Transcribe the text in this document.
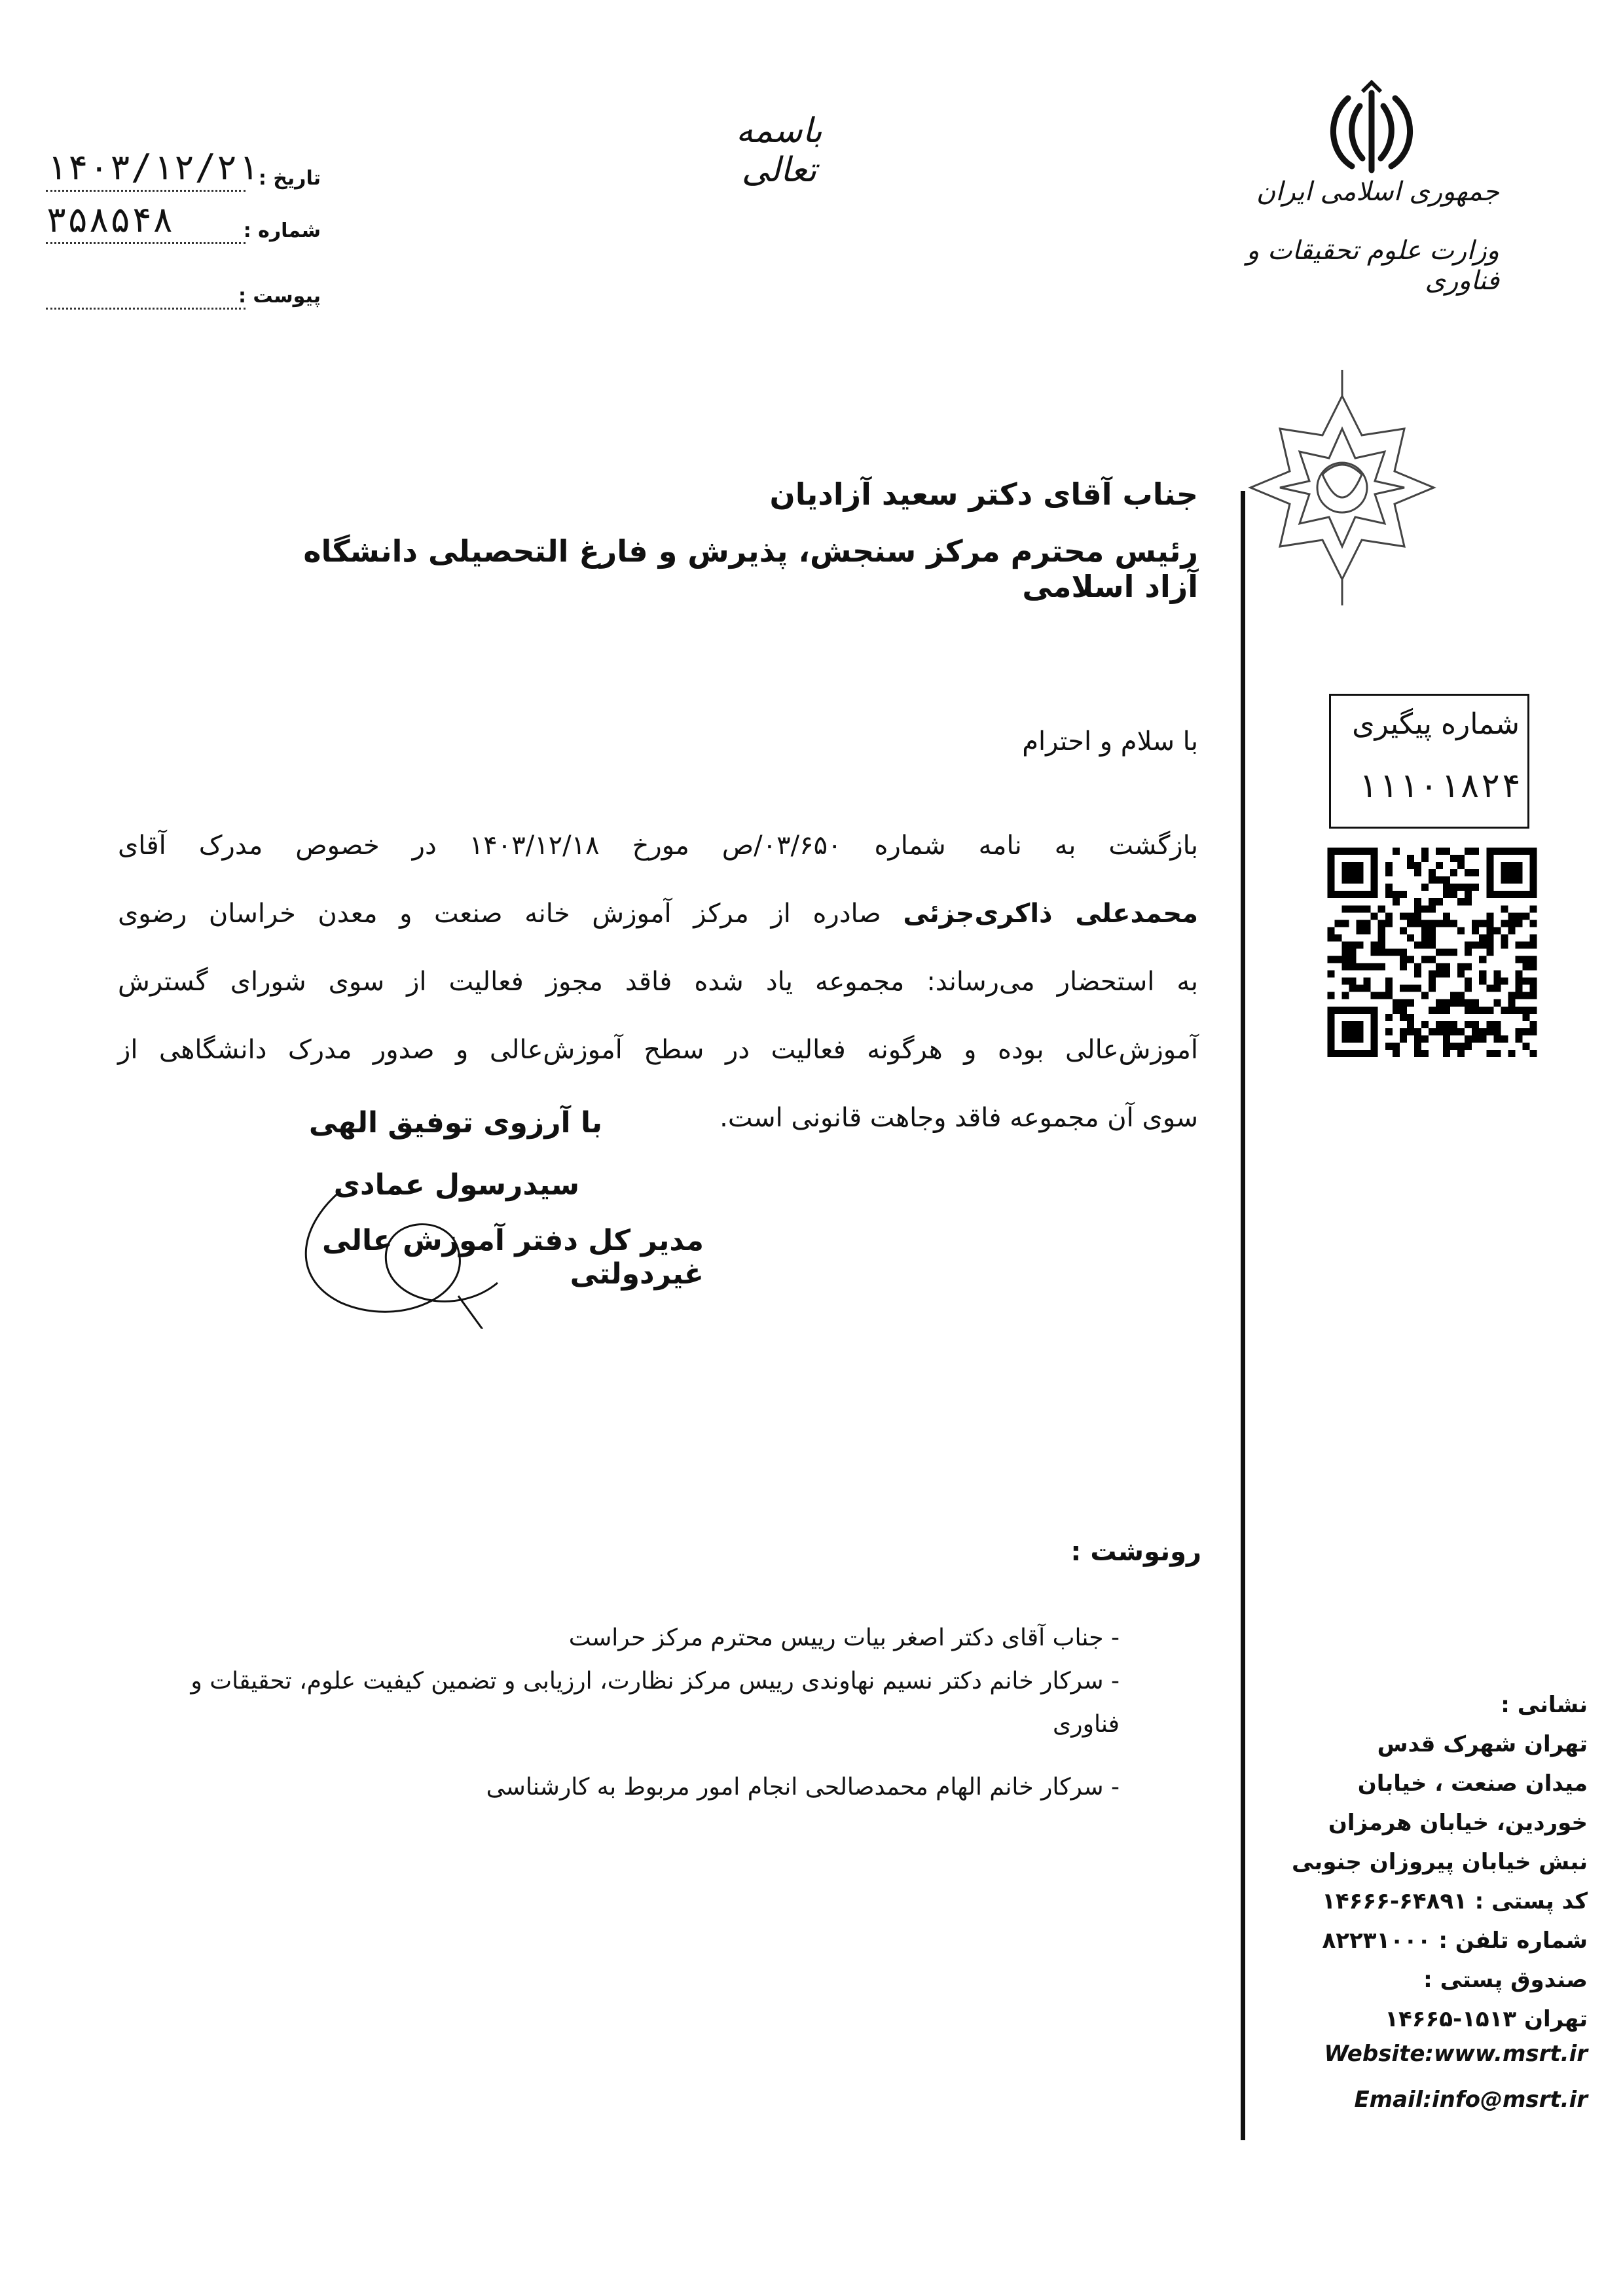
باسمه تعالی
جمهوری اسلامی ایران
وزارت علوم تحقیقات و فناوری
تاریخ :
۱۴۰۳/۱۲/۲۱
شماره :
۳۵۸۵۴۸
پیوست :
جناب آقای دکتر سعید آزادیان
رئیس محترم مرکز سنجش، پذیرش و فارغ التحصیلی دانشگاه آزاد اسلامی
شماره پیگیری
۱۱۱۰۱۸۲۴
با سلام و احترام
بازگشت به نامه شماره ۰۳/۶۵۰/ص مورخ ۱۴۰۳/۱۲/۱۸ در خصوص مدرک آقای
محمدعلی ذاکری‌جزئی صادره از مرکز آموزش خانه صنعت و معدن خراسان رضوی
به استحضار می‌رساند: مجموعه یاد شده فاقد مجوز فعالیت از سوی شورای گسترش
آموزش‌عالی بوده و هرگونه فعالیت در سطح آموزش‌عالی و صدور مدرک دانشگاهی از
سوی آن مجموعه فاقد وجاهت قانونی است.
با آرزوی توفیق الهی
سیدرسول عمادی
مدیر کل دفتر آموزش عالی غیردولتی
رونوشت :
- جناب آقای دکتر اصغر بیات رییس محترم مرکز حراست
- سرکار خانم دکتر نسیم نهاوندی رییس مرکز نظارت، ارزیابی و تضمین کیفیت علوم، تحقیقات و
فناوری
- سرکار خانم الهام محمدصالحی انجام امور مربوط به کارشناسی
نشانی :
تهران شهرک قدس
میدان صنعت ، خیابان
خوردین، خیابان هرمزان
نبش خیابان پیروزان جنوبی
کد پستی : ۶۴۸۹۱-۱۴۶۶۶
شماره تلفن : ۸۲۲۳۱۰۰۰
صندوق پستی :
تهران ۱۵۱۳-۱۴۶۶۵
Website:www.msrt.ir
Email:info@msrt.ir
